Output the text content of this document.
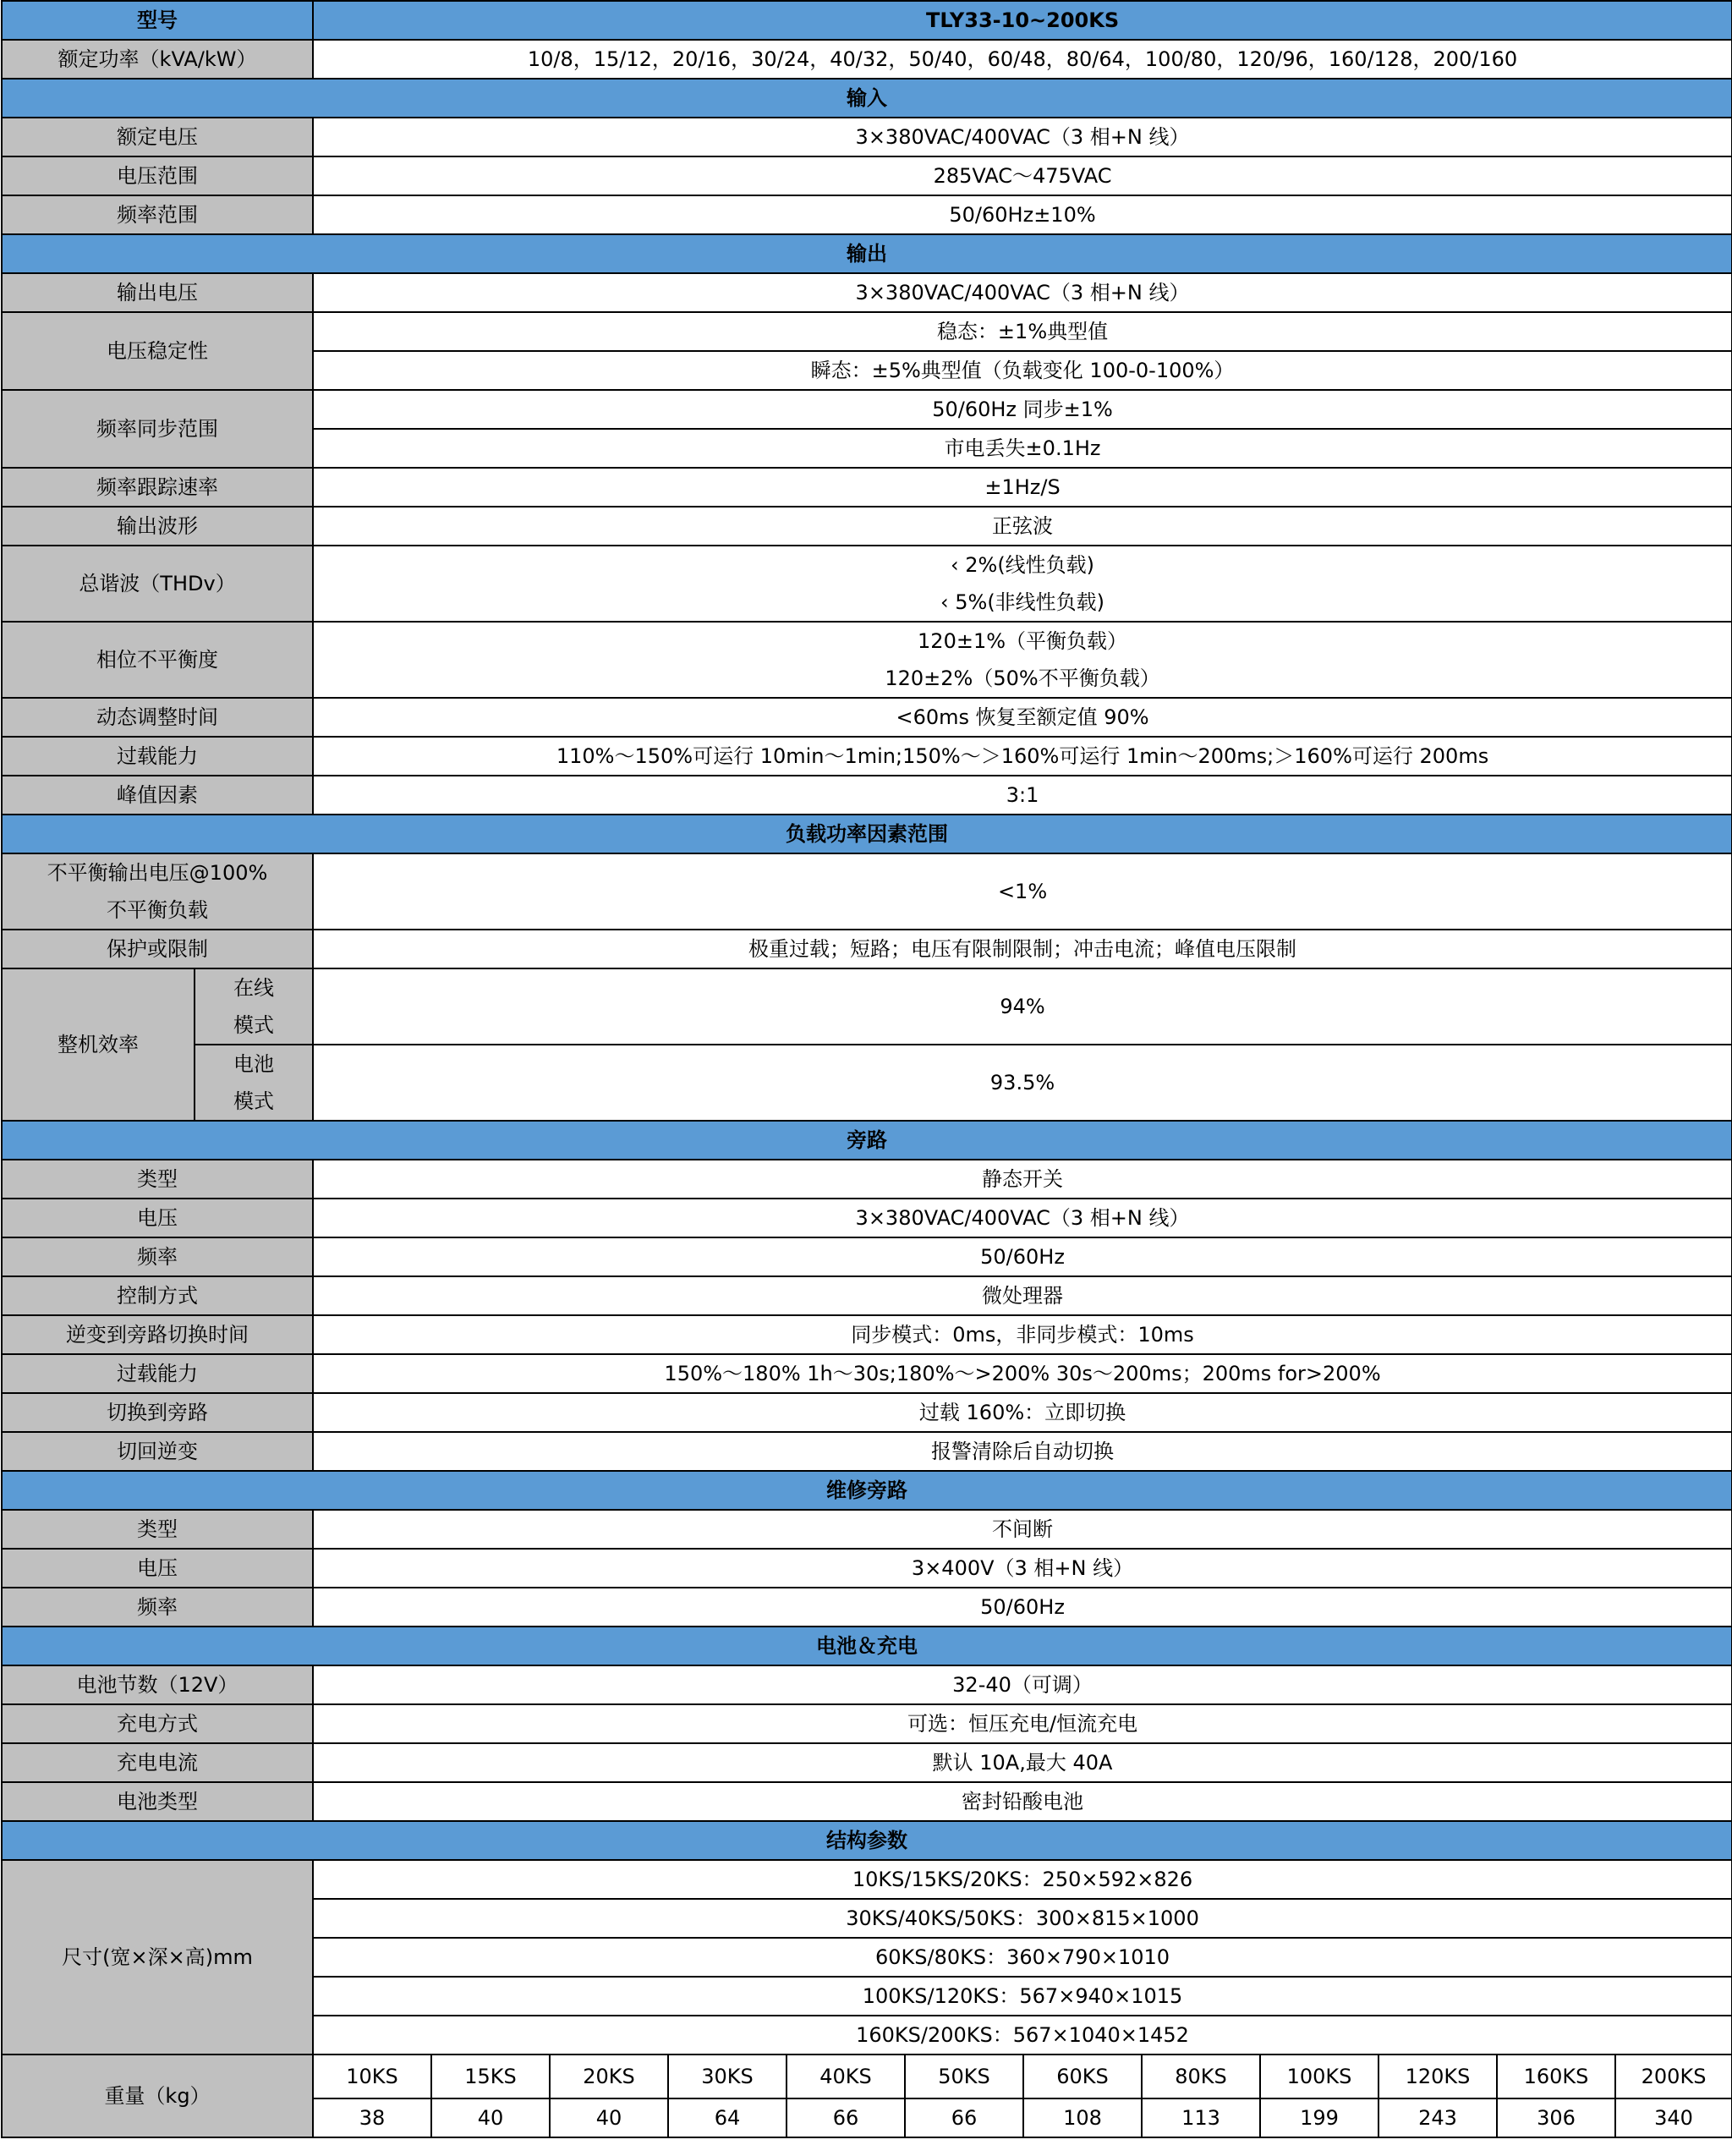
型号		TLY33-10~200KS											
额定功率（kVA/kW）		10/8，15/12，20/16，30/24，40/32，50/40，60/48，80/64，100/80，120/96，160/128，200/160											
输入													
额定电压		3×380VAC/400VAC（3 相+N 线）											
电压范围		285VAC～475VAC											
频率范围		50/60Hz±10%											
输出													
输出电压		3×380VAC/400VAC（3 相+N 线）											
电压稳定性		稳态：±1%典型值											
		瞬态：±5%典型值（负载变化 100-0-100%）											
频率同步范围		50/60Hz 同步±1%											
		市电丢失±0.1Hz											
频率跟踪速率		±1Hz/S											
输出波形		正弦波											
总谐波（THDv）		‹ 2%(线性负载)											
		‹ 5%(非线性负载)											
相位不平衡度		120±1%（平衡负载）											
		120±2%（50%不平衡负载）											
动态调整时间		<60ms 恢复至额定值 90%											
过载能力		110%～150%可运行 10min～1min;150%～＞160%可运行 1min～200ms;＞160%可运行 200ms											
峰值因素		3:1											
负载功率因素范围													
不平衡输出电压@100%		<1%											
不平衡负载													
保护或限制		极重过载；短路；电压有限制限制；冲击电流；峰值电压限制											
整机效率	在线	94%											
	模式												
	电池	93.5%											
	模式												
旁路													
类型		静态开关											
电压		3×380VAC/400VAC（3 相+N 线）											
频率		50/60Hz											
控制方式		微处理器											
逆变到旁路切换时间		同步模式：0ms，非同步模式：10ms											
过载能力		150%～180% 1h～30s;180%～>200% 30s～200ms；200ms for>200%											
切换到旁路		过载 160%：立即切换											
切回逆变		报警清除后自动切换											
维修旁路													
类型		不间断											
电压		3×400V（3 相+N 线）											
频率		50/60Hz											
电池＆充电													
电池节数（12V）		32-40（可调）											
充电方式		可选：恒压充电/恒流充电											
充电电流		默认 10A,最大 40A											
电池类型		密封铅酸电池											
结构参数													
尺寸(宽×深×高)mm		10KS/15KS/20KS：250×592×826											
		30KS/40KS/50KS：300×815×1000											
		60KS/80KS：360×790×1010											
		100KS/120KS：567×940×1015											
		160KS/200KS：567×1040×1452											
重量（kg）		10KS	15KS	20KS	30KS	40KS	50KS	60KS	80KS	100KS	120KS	160KS	200KS
		38	40	40	64	66	66	108	113	199	243	306	340
